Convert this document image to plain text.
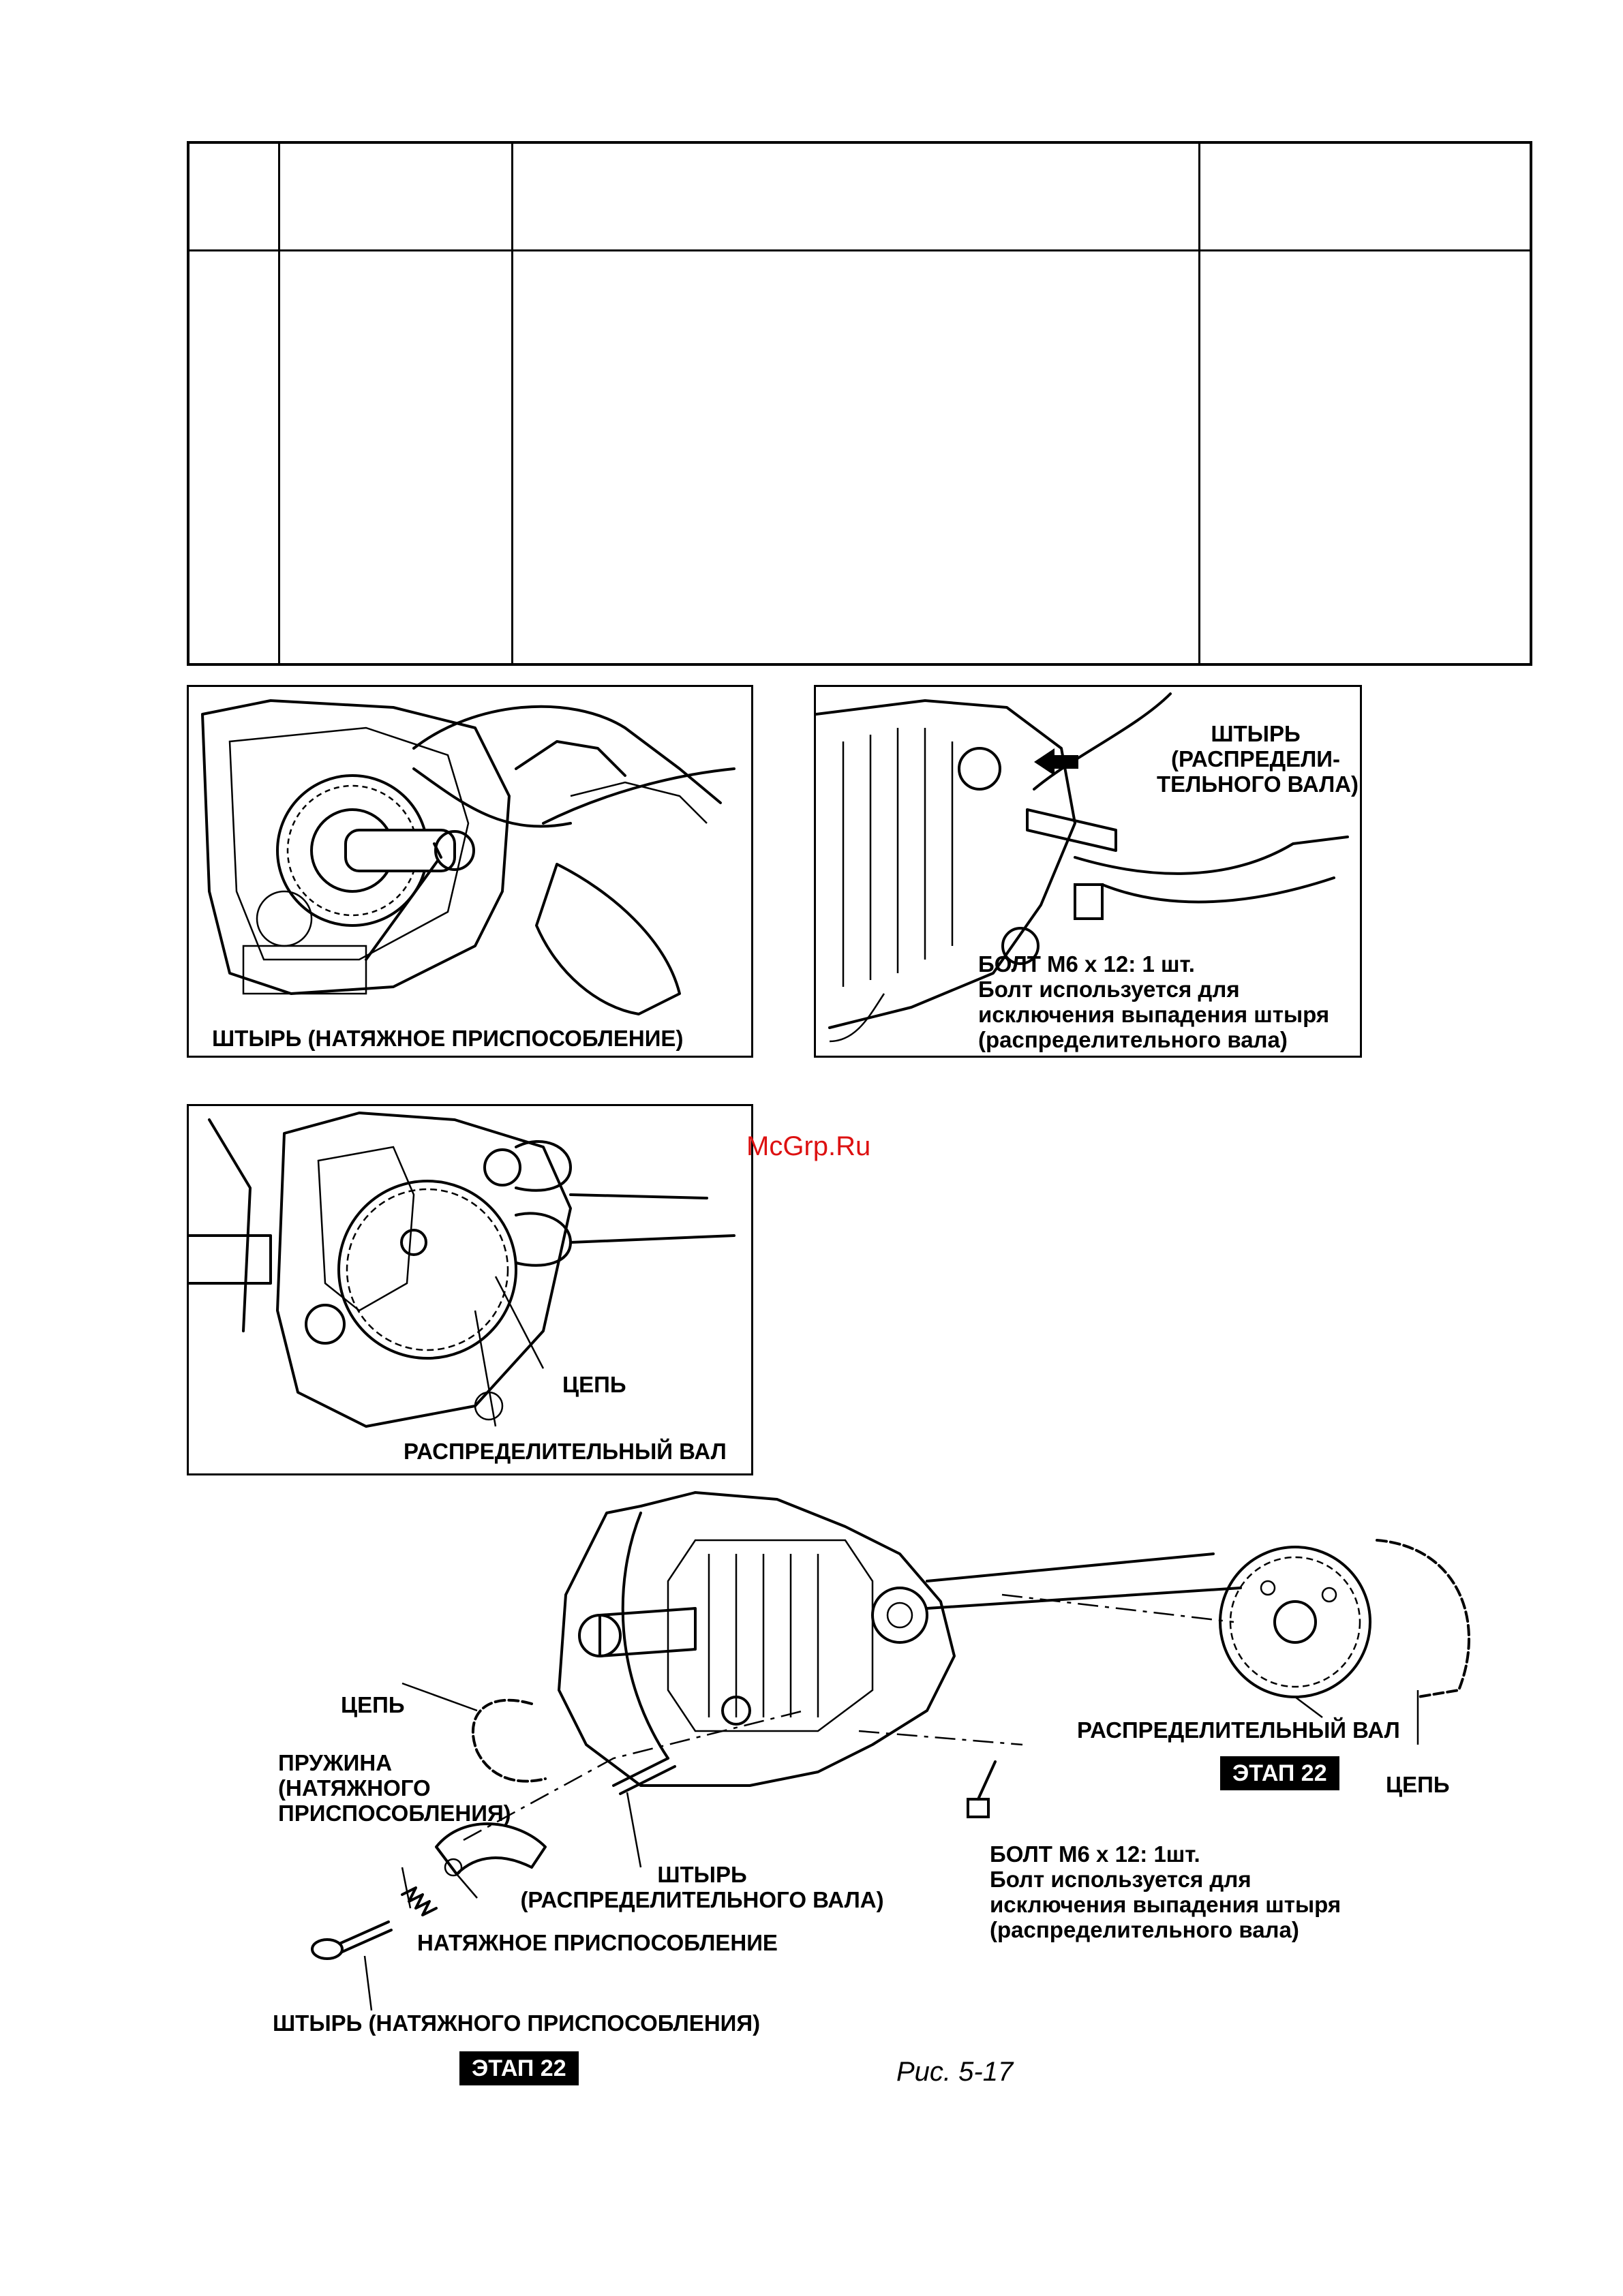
ШТЫРЬ (НАТЯЖНОЕ ПРИСПОСОБЛЕНИЕ)
ШТЫРЬ
(РАСПРЕДЕЛИ-
ТЕЛЬНОГО ВАЛА)
БОЛТ М6 х 12: 1 шт.
Болт используется для
исключения выпадения штыря
(распределительного вала)
ЦЕПЬ
РАСПРЕДЕЛИТЕЛЬНЫЙ ВАЛ
McGrp.Ru
ЦЕПЬ
ПРУЖИНА
(НАТЯЖНОГО
ПРИСПОСОБЛЕНИЯ)
ШТЫРЬ
(РАСПРЕДЕЛИТЕЛЬНОГО ВАЛА)
НАТЯЖНОЕ ПРИСПОСОБЛЕНИЕ
ШТЫРЬ (НАТЯЖНОГО ПРИСПОСОБЛЕНИЯ)
ЭТАП 22
РАСПРЕДЕЛИТЕЛЬНЫЙ ВАЛ
ЭТАП 22	ЦЕПЬ
БОЛТ М6 х 12: 1шт.
Болт используется для
исключения выпадения штыря
(распределительного вала)
Рис. 5-17
